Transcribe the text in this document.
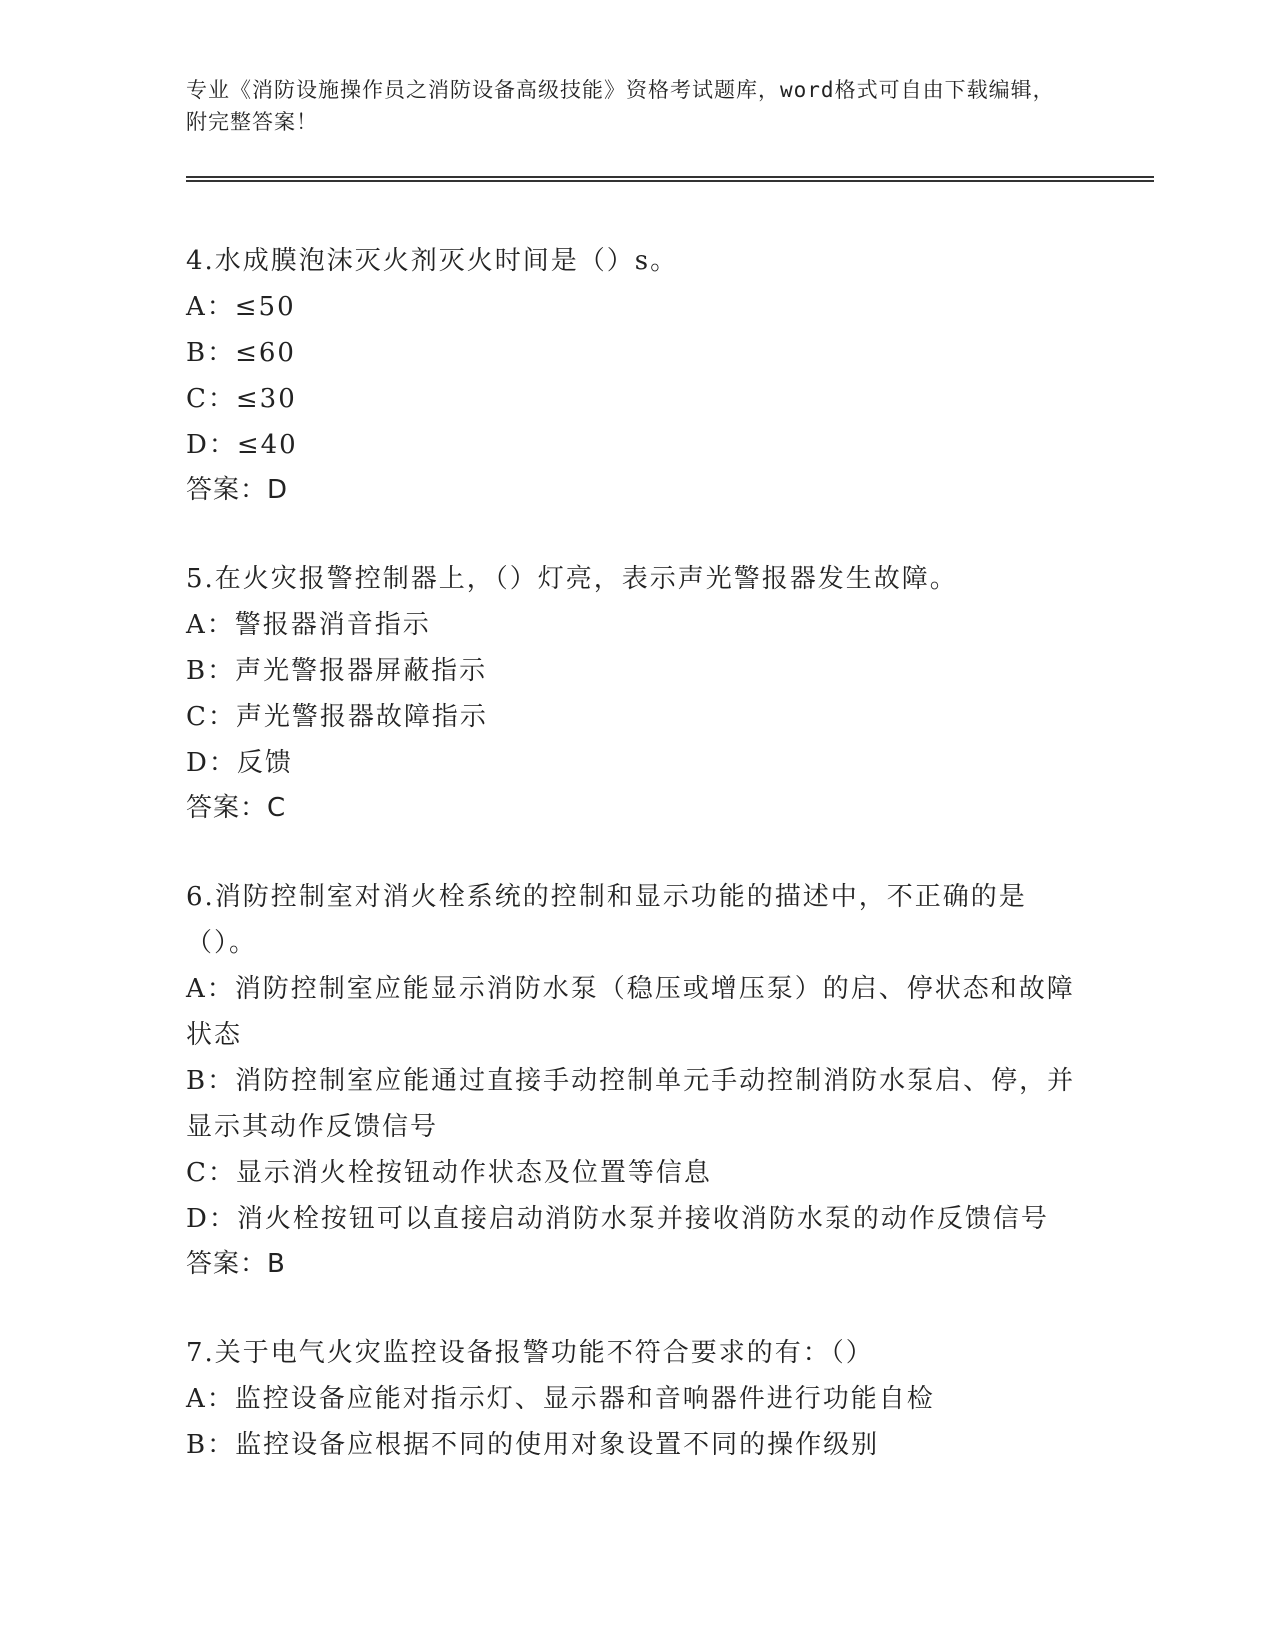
专业《消防设施操作员之消防设备高级技能》资格考试题库，word格式可自由下载编辑，附完整答案！
4.水成膜泡沫灭火剂灭火时间是（）s。
A：≤50
B：≤60
C：≤30
D：≤40
答案：D
5.在火灾报警控制器上，（）灯亮，表示声光警报器发生故障。
A：警报器消音指示
B：声光警报器屏蔽指示
C：声光警报器故障指示
D：反馈
答案：C
6.消防控制室对消火栓系统的控制和显示功能的描述中，不正确的是（）。
A：消防控制室应能显示消防水泵（稳压或增压泵）的启、停状态和故障状态
B：消防控制室应能通过直接手动控制单元手动控制消防水泵启、停，并显示其动作反馈信号
C：显示消火栓按钮动作状态及位置等信息
D：消火栓按钮可以直接启动消防水泵并接收消防水泵的动作反馈信号
答案：B
7.关于电气火灾监控设备报警功能不符合要求的有：（）
A：监控设备应能对指示灯、显示器和音响器件进行功能自检
B：监控设备应根据不同的使用对象设置不同的操作级别
